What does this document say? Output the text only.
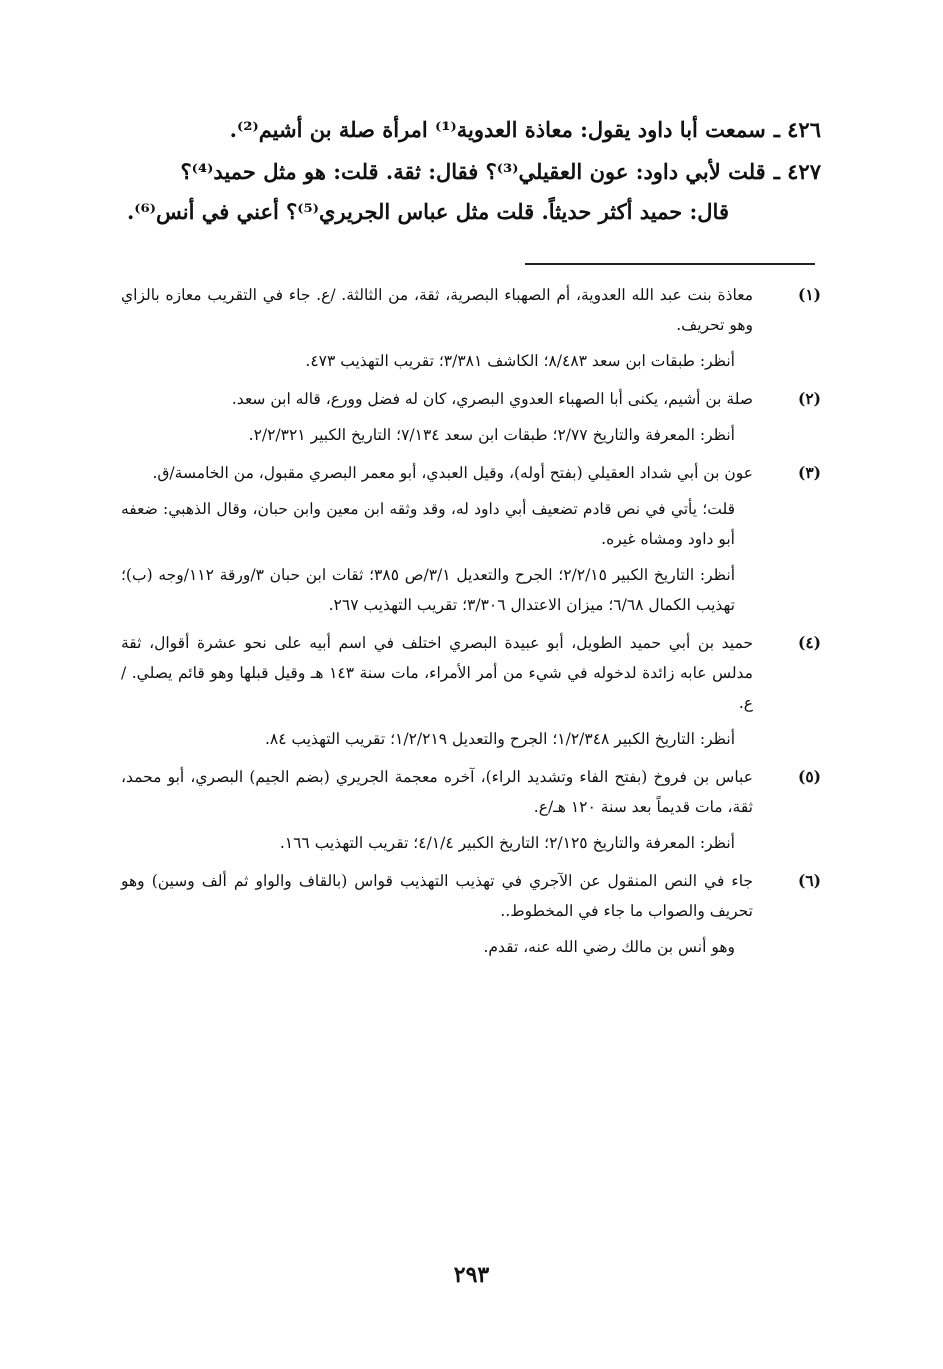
٤٢٦ ـسمعت أبا داود يقول: معاذة العدوية⁽¹⁾ امرأة صلة بن أشيم⁽²⁾.
٤٢٧ ـقلت لأبي داود: عون العقيلي⁽³⁾؟ فقال: ثقة. قلت: هو مثل حميد⁽⁴⁾؟
قال: حميد أكثر حديثاً. قلت مثل عباس الجريري⁽⁵⁾؟ أعني في أنس⁽⁶⁾.
(١)
معاذة بنت عبد الله العدوية، أم الصهباء البصرية، ثقة، من الثالثة. /ع. جاء في التقريب معازه بالزاي وهو تحريف.
أنظر: طبقات ابن سعد ٨/٤٨٣؛ الكاشف ٣/٣٨١؛ تقريب التهذيب ٤٧٣.
(٢)
صلة بن أشيم، يكنى أبا الصهباء العدوي البصري، كان له فضل وورع، قاله ابن سعد.
أنظر: المعرفة والتاريخ ٢/٧٧؛ طبقات ابن سعد ٧/١٣٤؛ التاريخ الكبير ٢/٢/٣٢١.
(٣)
عون بن أبي شداد العقيلي (بفتح أوله)، وقيل العبدي، أبو معمر البصري مقبول، من الخامسة/ق.
قلت؛ يأتي في نص قادم تضعيف أبي داود له، وقد وثقه ابن معين وابن حبان، وقال الذهبي: ضعفه أبو داود ومشاه غيره.
أنظر: التاريخ الكبير ٢/٢/١٥؛ الجرح والتعديل ٣/١/ص ٣٨٥؛ ثقات ابن حبان ٣/ورقة ١١٢/وجه (ب)؛ تهذيب الكمال ٦/٦٨؛ ميزان الاعتدال ٣/٣٠٦؛ تقريب التهذيب ٢٦٧.
(٤)
حميد بن أبي حميد الطويل، أبو عبيدة البصري اختلف في اسم أبيه على نحو عشرة أقوال، ثقة مدلس عابه زائدة لدخوله في شيء من أمر الأمراء، مات سنة ١٤٣ هـ وقيل قبلها وهو قائم يصلي. /ع.
أنظر: التاريخ الكبير ١/٢/٣٤٨؛ الجرح والتعديل ١/٢/٢١٩؛ تقريب التهذيب ٨٤.
(٥)
عباس بن فروخ (بفتح الفاء وتشديد الراء)، آخره معجمة الجريري (بضم الجيم) البصري، أبو محمد، ثقة، مات قديماً بعد سنة ١٢٠ هـ/ع.
أنظر: المعرفة والتاريخ ٢/١٢٥؛ التاريخ الكبير ٤/١/٤؛ تقريب التهذيب ١٦٦.
(٦)
جاء في النص المنقول عن الآجري في تهذيب التهذيب قواس (بالقاف والواو ثم ألف وسين) وهو تحريف والصواب ما جاء في المخطوط..
وهو أنس بن مالك رضي الله عنه، تقدم.
٢٩٣
